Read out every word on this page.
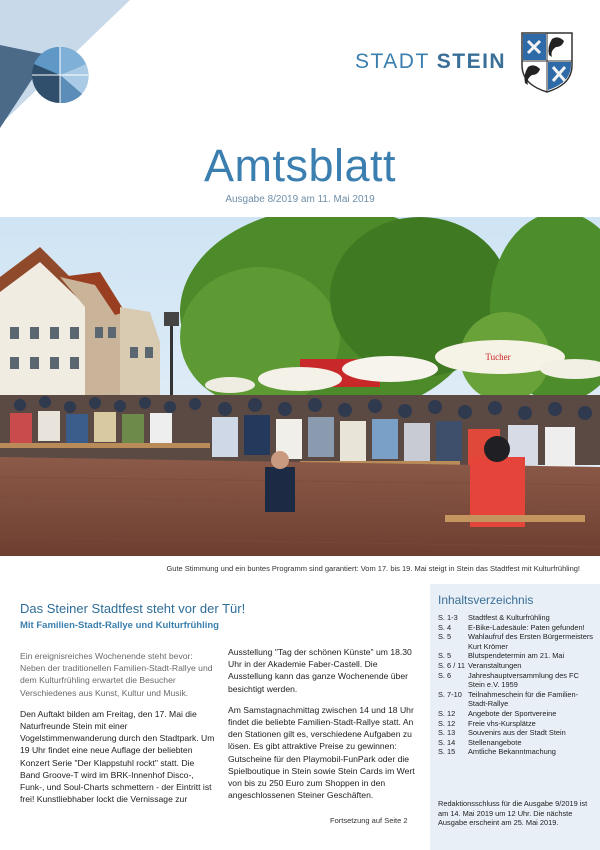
STADT STEIN
Amtsblatt
Ausgabe 8/2019 am 11. Mai 2019
Tucher
Gute Stimmung und ein buntes Programm sind garantiert: Vom 17. bis 19. Mai steigt in Stein das Stadtfest mit Kulturfrühling!
Das Steiner Stadtfest steht vor der Tür!
Mit Familien-Stadt-Rallye und Kulturfrühling

Ein ereignisreiches Wochenende steht bevor: Neben der traditionellen Familien-Stadt-Rallye und dem Kulturfrühling erwartet die Besucher Verschiedenes aus Kunst, Kultur und Musik.

Den Auftakt bilden am Freitag, den 17. Mai die Naturfreunde Stein mit einer Vogelstimmenwanderung durch den Stadtpark. Um 19 Uhr findet eine neue Auflage der beliebten Konzert Serie "Der Klappstuhl rockt" statt. Die Band Groove-T wird im BRK-Innenhof Disco-, Funk-, und Soul-Charts schmettern - der Eintritt ist frei! Kunstliebhaber lockt die Vernissage zur

Ausstellung "Tag der schönen Künste" um 18.30 Uhr in der Akademie Faber-Castell. Die Ausstellung kann das ganze Wochenende über besichtigt werden.

Am Samstagnachmittag zwischen 14 und 18 Uhr findet die beliebte Familien-Stadt-Rallye statt. An den Stationen gilt es, verschiedene Aufgaben zu lösen. Es gibt attraktive Preise zu gewinnen: Gutscheine für den Playmobil-FunPark oder die Spielboutique in Stein sowie Stein Cards im Wert von bis zu 250 Euro zum Shoppen in den angeschlossenen Steiner Geschäften.

Fortsetzung auf Seite 2
Inhaltsverzeichnis
S. 1-3	Stadtfest & Kulturfrühling
S. 4	E-Bike-Ladesäule: Paten gefunden!
S. 5	Wahlaufruf des Ersten Bürgermeisters Kurt Krömer
S. 5	Blutspendetermin am 21. Mai
S. 6 / 11 Veranstaltungen
S. 6	Jahreshauptversammlung des FC Stein e.V. 1959
S. 7-10 Teilnahmeschein für die Familien-Stadt-Rallye
S. 12	Angebote der Sportvereine
S. 12	Freie vhs-Kursplätze
S. 13	Souvenirs aus der Stadt Stein
S. 14	Stellenangebote
S. 15	Amtliche Bekanntmachung
Redaktionsschluss für die Ausgabe 9/2019 ist am 14. Mai 2019 um 12 Uhr. Die nächste Ausgabe erscheint am 25. Mai 2019.
